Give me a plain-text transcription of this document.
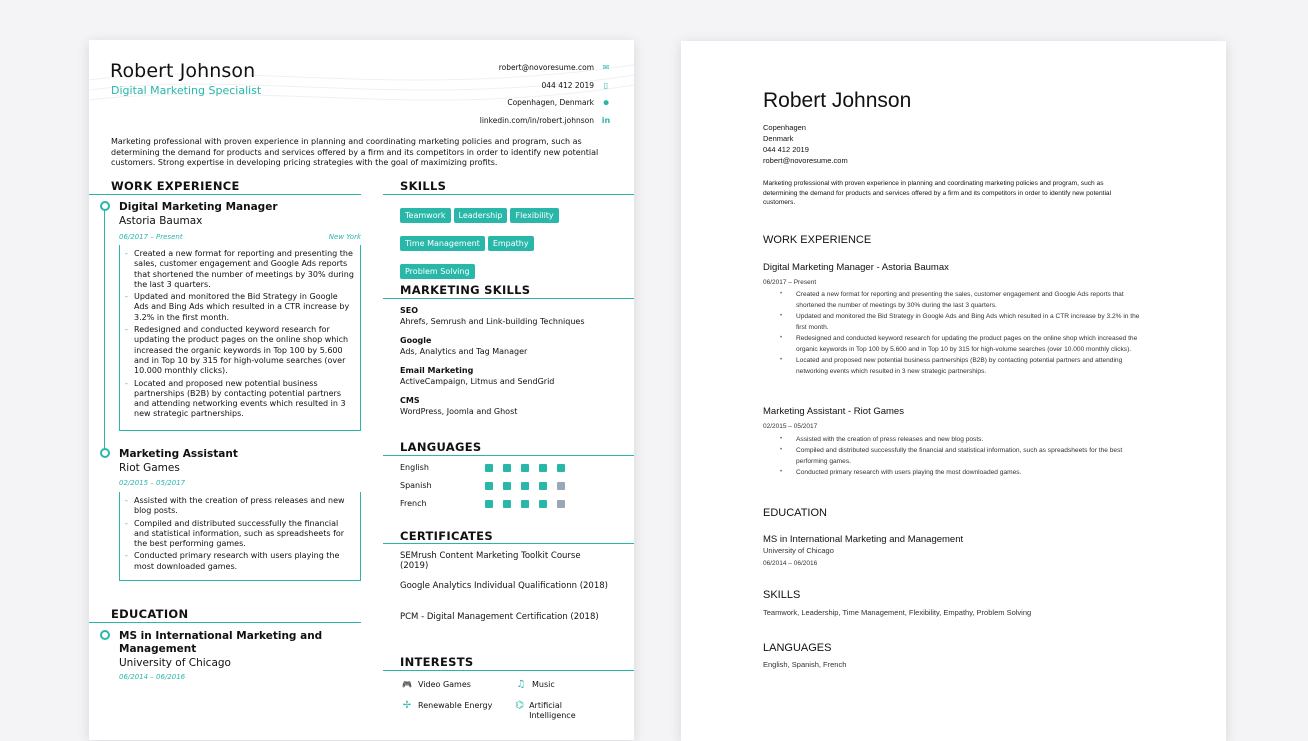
Robert Johnson
Digital Marketing Specialist
robert@novoresume.com ✉
044 412 2019	▯
Copenhagen, Denmark	⬤
linkedin.com/in/robert.johnson in
Marketing professional with proven experience in planning and coordinating marketing policies and program, such as determining the demand for products and services offered by a firm and its competitors in order to identify new potential customers. Strong expertise in developing pricing strategies with the goal of maximizing profits.
WORK EXPERIENCE
Digital Marketing Manager
Astoria Baumax
06/2017 – Present	New York
- Created a new format for reporting and presenting the sales, customer engagement and Google Ads reports that shortened the number of meetings by 30% during the last 3 quarters.
- Updated and monitored the Bid Strategy in Google Ads and Bing Ads which resulted in a CTR increase by 3.2% in the first month.
- Redesigned and conducted keyword research for updating the product pages on the online shop which increased the organic keywords in Top 100 by 5.600 and in Top 10 by 315 for high-volume searches (over 10.000 monthly clicks).
- Located and proposed new potential business partnerships (B2B) by contacting potential partners and attending networking events which resulted in 3 new strategic partnerships.
Marketing Assistant
Riot Games
02/2015 – 05/2017
- Assisted with the creation of press releases and new blog posts.
- Compiled and distributed successfully the financial and statistical information, such as spreadsheets for the best performing games.
- Conducted primary research with users playing the most downloaded games.
EDUCATION
MS in International Marketing and Management
University of Chicago
06/2014 – 06/2016
SKILLS
Teamwork Leadership Flexibility
Time Management Empathy
Problem Solving
MARKETING SKILLS
SEO
Ahrefs, Semrush and Link-building Techniques
Google
Ads, Analytics and Tag Manager
Email Marketing
ActiveCampaign, Litmus and SendGrid
CMS
WordPress, Joomla and Ghost
LANGUAGES
English
Spanish
French
CERTIFICATES
SEMrush Content Marketing Toolkit Course (2019)
Google Analytics Individual Qualificationn (2018)
PCM - Digital Management Certification (2018)
INTERESTS
🎮 Video Games	♫ Music
✢ Renewable Energy ⌬ Artificial Intelligence
Robert Johnson
Copenhagen
Denmark
044 412 2019
robert@novoresume.com
Marketing professional with proven experience in planning and coordinating marketing policies and program, such as determining the demand for products and services offered by a firm and its competitors in order to identify new potential customers.
WORK EXPERIENCE
Digital Marketing Manager - Astoria Baumax
06/2017 – Present
• Created a new format for reporting and presenting the sales, customer engagement and Google Ads reports that shortened the number of meetings by 30% during the last 3 quarters.
• Updated and monitored the Bid Strategy in Google Ads and Bing Ads which resulted in a CTR increase by 3.2% in the first month.
• Redesigned and conducted keyword research for updating the product pages on the online shop which increased the organic keywords in Top 100 by 5.600 and in Top 10 by 315 for high-volume searches (over 10.000 monthly clicks).
• Located and proposed new potential business partnerships (B2B) by contacting potential partners and attending networking events which resulted in 3 new strategic partnerships.
Marketing Assistant - Riot Games
02/2015 – 05/2017
• Assisted with the creation of press releases and new blog posts.
• Compiled and distributed successfully the financial and statistical information, such as spreadsheets for the best performing games.
• Conducted primary research with users playing the most downloaded games.
EDUCATION
MS in International Marketing and Management
University of Chicago
06/2014 – 06/2016
SKILLS
Teamwork, Leadership, Time Management, Flexibility, Empathy, Problem Solving
LANGUAGES
English, Spanish, French
